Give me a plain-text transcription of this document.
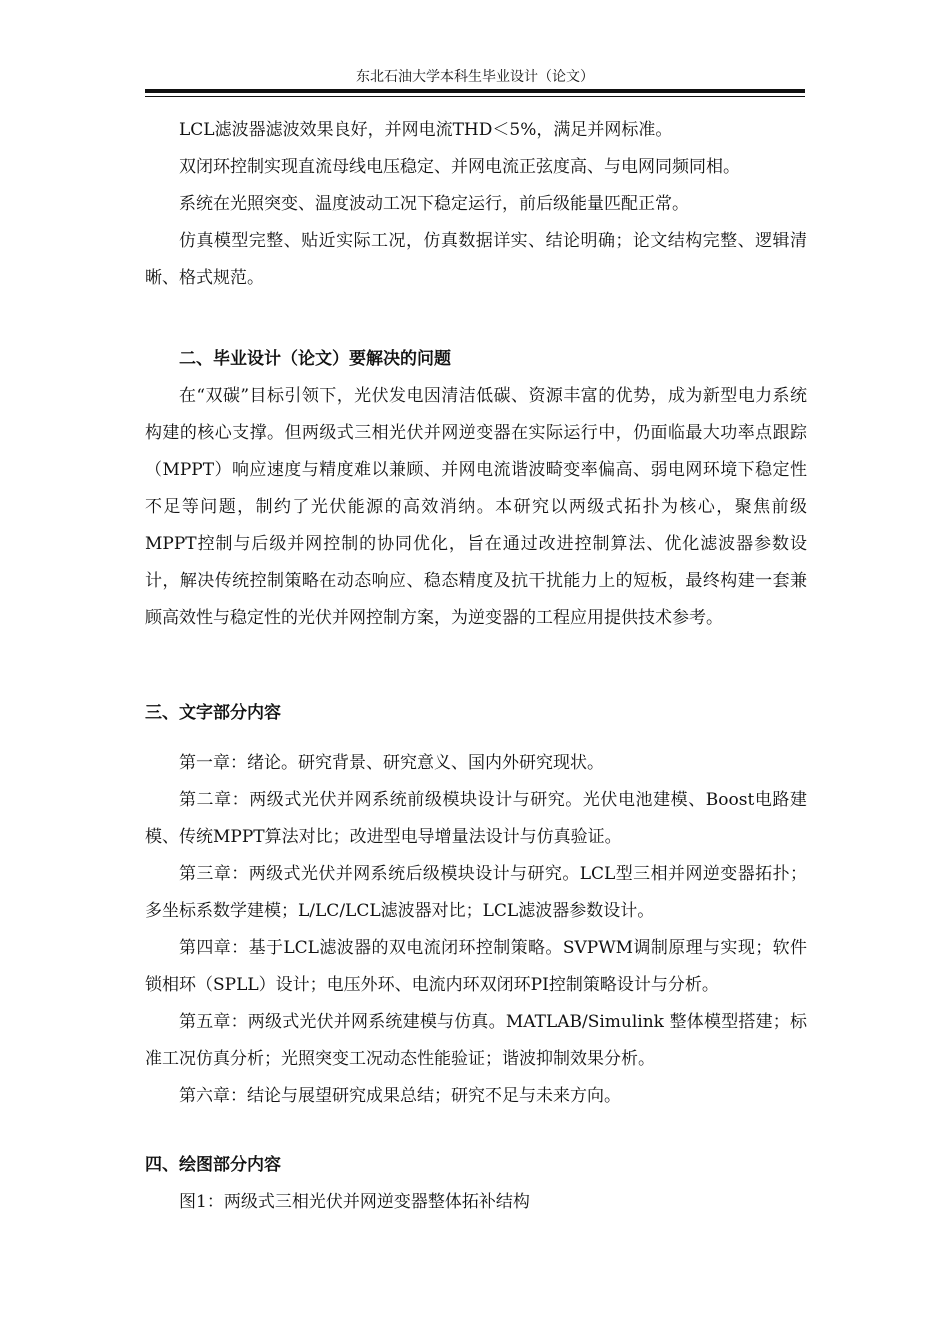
东北石油大学本科生毕业设计（论文）

LCL滤波器滤波效果良好，并网电流THD＜5%，满足并网标准。

双闭环控制实现直流母线电压稳定、并网电流正弦度高、与电网同频同相。

系统在光照突变、温度波动工况下稳定运行，前后级能量匹配正常。

仿真模型完整、贴近实际工况，仿真数据详实、结论明确；论文结构完整、逻辑清晰、格式规范。

二、毕业设计（论文）要解决的问题

在“双碳”目标引领下，光伏发电因清洁低碳、资源丰富的优势，成为新型电力系统构建的核心支撑。但两级式三相光伏并网逆变器在实际运行中，仍面临最大功率点跟踪（MPPT）响应速度与精度难以兼顾、并网电流谐波畸变率偏高、弱电网环境下稳定性不足等问题，制约了光伏能源的高效消纳。本研究以两级式拓扑为核心，聚焦前级MPPT控制与后级并网控制的协同优化，旨在通过改进控制算法、优化滤波器参数设计，解决传统控制策略在动态响应、稳态精度及抗干扰能力上的短板，最终构建一套兼顾高效性与稳定性的光伏并网控制方案，为逆变器的工程应用提供技术参考。

三、文字部分内容

第一章：绪论。研究背景、研究意义、国内外研究现状。

第二章：两级式光伏并网系统前级模块设计与研究。光伏电池建模、Boost电路建模、传统MPPT算法对比；改进型电导增量法设计与仿真验证。

第三章：两级式光伏并网系统后级模块设计与研究。LCL型三相并网逆变器拓扑；多坐标系数学建模；L/LC/LCL滤波器对比；LCL滤波器参数设计。

第四章：基于LCL滤波器的双电流闭环控制策略。SVPWM调制原理与实现；软件锁相环（SPLL）设计；电压外环、电流内环双闭环PI控制策略设计与分析。

第五章：两级式光伏并网系统建模与仿真。MATLAB/Simulink 整体模型搭建；标准工况仿真分析；光照突变工况动态性能验证；谐波抑制效果分析。

第六章：结论与展望研究成果总结；研究不足与未来方向。

四、绘图部分内容

图1：两级式三相光伏并网逆变器整体拓补结构
